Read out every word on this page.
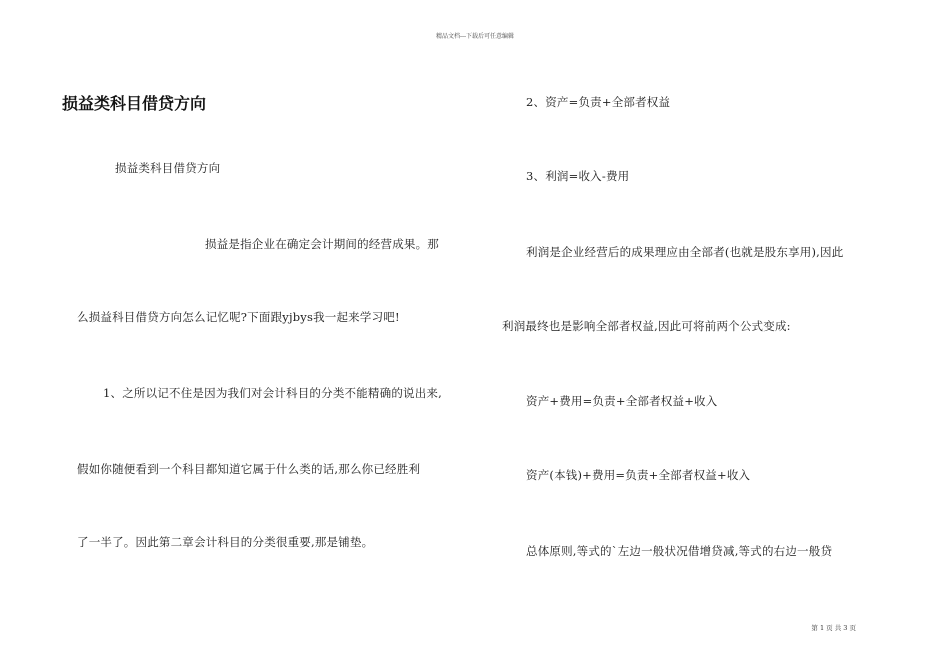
精品文档---下载后可任意编辑
损益类科目借贷方向
损益类科目借贷方向
损益是指企业在确定会计期间的经营成果。那
么损益科目借贷方向怎么记忆呢?下面跟yjbys我一起来学习吧!
1、之所以记不住是因为我们对会计科目的分类不能精确的说出来,
假如你随便看到一个科目都知道它属于什么类的话,那么你已经胜利
了一半了。因此第二章会计科目的分类很重要,那是铺垫。
2、资产=负责+全部者权益
3、利润=收入-费用
利润是企业经营后的成果理应由全部者(也就是股东享用),因此
利润最终也是影响全部者权益,因此可将前两个公式变成:
资产+费用=负责+全部者权益+收入
资产(本钱)+费用=负责+全部者权益+收入
总体原则,等式的`左边一般状况借增贷减,等式的右边一般贷
第 1 页 共 3 页
